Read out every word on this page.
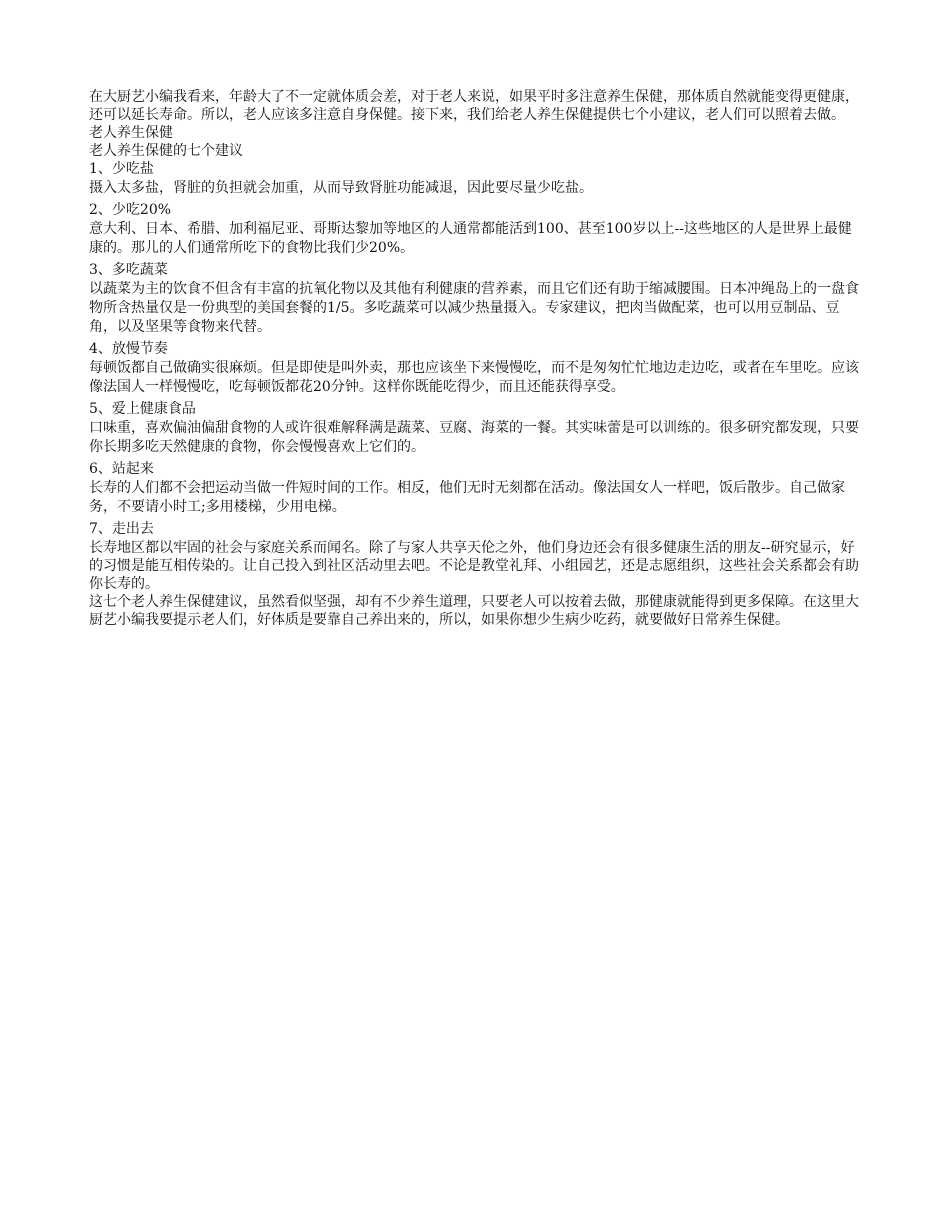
在大厨艺小编我看来，年龄大了不一定就体质会差，对于老人来说，如果平时多注意养生保健，那体质自然就能变得更健康，还可以延长寿命。所以，老人应该多注意自身保健。接下来，我们给老人养生保健提供七个小建议，老人们可以照着去做。

老人养生保健

老人养生保健的七个建议

1、少吃盐

摄入太多盐，肾脏的负担就会加重，从而导致肾脏功能减退，因此要尽量少吃盐。

2、少吃20%

意大利、日本、希腊、加利福尼亚、哥斯达黎加等地区的人通常都能活到100、甚至100岁以上--这些地区的人是世界上最健康的。那儿的人们通常所吃下的食物比我们少20%。

3、多吃蔬菜

以蔬菜为主的饮食不但含有丰富的抗氧化物以及其他有利健康的营养素，而且它们还有助于缩减腰围。日本冲绳岛上的一盘食物所含热量仅是一份典型的美国套餐的1/5。多吃蔬菜可以减少热量摄入。专家建议，把肉当做配菜，也可以用豆制品、豆角，以及坚果等食物来代替。

4、放慢节奏

每顿饭都自己做确实很麻烦。但是即使是叫外卖，那也应该坐下来慢慢吃，而不是匆匆忙忙地边走边吃，或者在车里吃。应该像法国人一样慢慢吃，吃每顿饭都花20分钟。这样你既能吃得少，而且还能获得享受。

5、爱上健康食品

口味重，喜欢偏油偏甜食物的人或许很难解释满是蔬菜、豆腐、海菜的一餐。其实味蕾是可以训练的。很多研究都发现，只要你长期多吃天然健康的食物，你会慢慢喜欢上它们的。

6、站起来

长寿的人们都不会把运动当做一件短时间的工作。相反，他们无时无刻都在活动。像法国女人一样吧，饭后散步。自己做家务，不要请小时工;多用楼梯，少用电梯。

7、走出去

长寿地区都以牢固的社会与家庭关系而闻名。除了与家人共享天伦之外，他们身边还会有很多健康生活的朋友--研究显示，好的习惯是能互相传染的。让自己投入到社区活动里去吧。不论是教堂礼拜、小组园艺，还是志愿组织，这些社会关系都会有助你长寿的。

这七个老人养生保健建议，虽然看似坚强，却有不少养生道理，只要老人可以按着去做，那健康就能得到更多保障。在这里大厨艺小编我要提示老人们，好体质是要靠自己养出来的，所以，如果你想少生病少吃药，就要做好日常养生保健。
